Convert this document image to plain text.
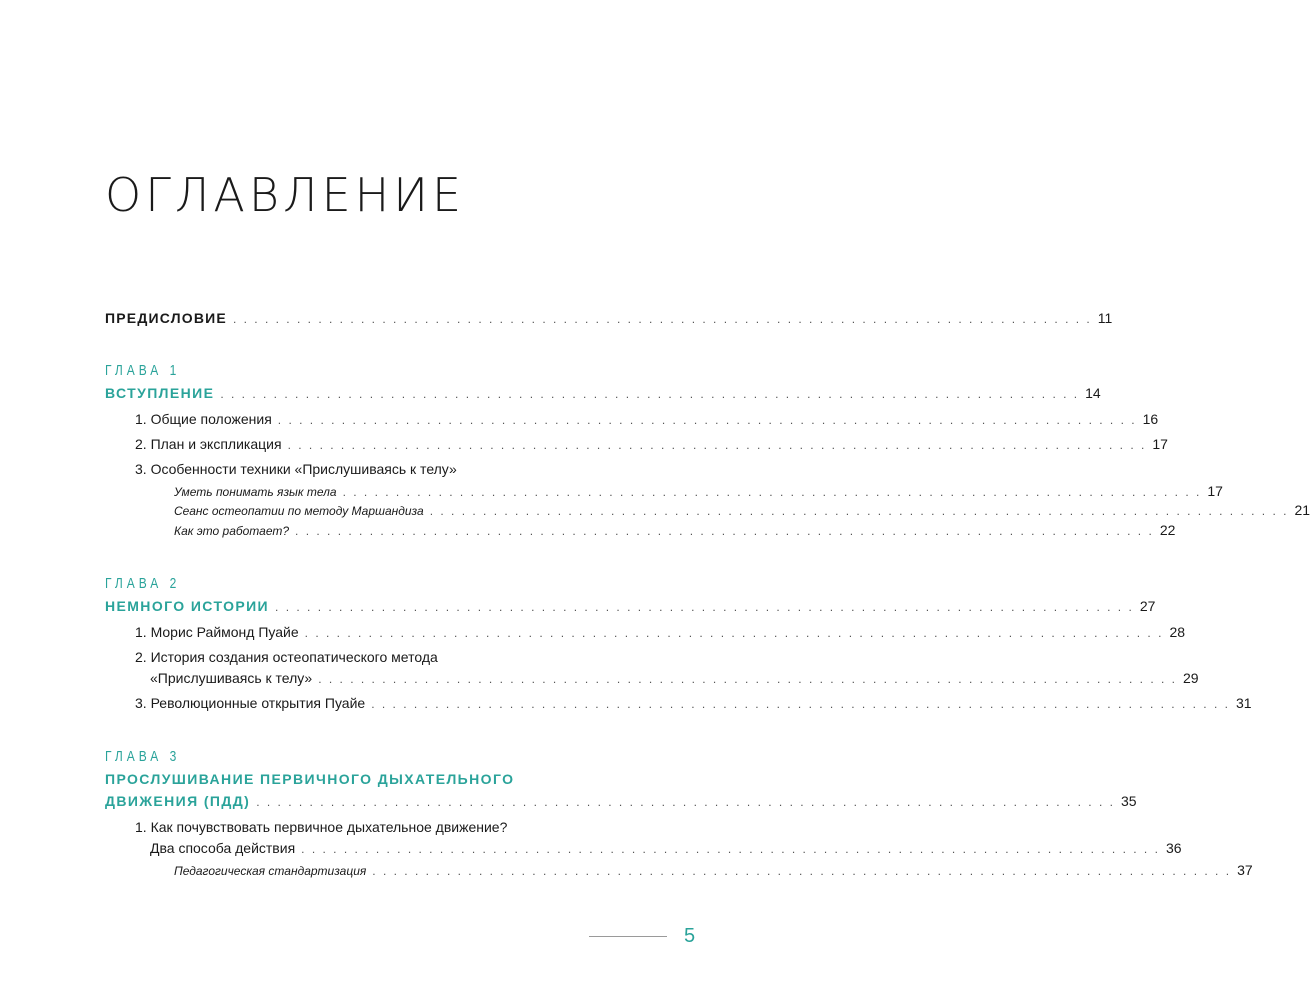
ОГЛАВЛЕНИЕ
ПРЕДИСЛОВИЕ . . . . . . . . . . . . . . . . . . . . . . . . . . . . . . . . . . . . . . . . . . . . . . . . . . . . . . . . . . . . . . . . . . . . . . . . . . . . . . . . . 11
ГЛАВА 1
ВСТУПЛЕНИЕ . . . . . . . . . . . . . . . . . . . . . . . . . . . . . . . . . . . . . . . . . . . . . . . . . . . . . . . . . . . . . . . . . . . . . . . . . . . . . . . . . 14
1. Общие положения . . . . . . . . . . . . . . . . . . . . . . . . . . . . . . . . . . . . . . . . . . . . . . . . . . . . . . . . . . . . . . . . . . . . . . . . . . . . . . . . . 16
2. План и экспликация . . . . . . . . . . . . . . . . . . . . . . . . . . . . . . . . . . . . . . . . . . . . . . . . . . . . . . . . . . . . . . . . . . . . . . . . . . . . . . . . . 17
3. Особенности техники «Прислушиваясь к телу»
Уметь понимать язык тела . . . . . . . . . . . . . . . . . . . . . . . . . . . . . . . . . . . . . . . . . . . . . . . . . . . . . . . . . . . . . . . . . . . . . . . . . . . . . . . . . 17
Сеанс остеопатии по методу Маршандиза . . . . . . . . . . . . . . . . . . . . . . . . . . . . . . . . . . . . . . . . . . . . . . . . . . . . . . . . . . . . . . . . . . . . . . . . . . . . . . . . . 21
Как это работает? . . . . . . . . . . . . . . . . . . . . . . . . . . . . . . . . . . . . . . . . . . . . . . . . . . . . . . . . . . . . . . . . . . . . . . . . . . . . . . . . . 22
ГЛАВА 2
НЕМНОГО ИСТОРИИ . . . . . . . . . . . . . . . . . . . . . . . . . . . . . . . . . . . . . . . . . . . . . . . . . . . . . . . . . . . . . . . . . . . . . . . . . . . . . . . . . 27
1. Морис Раймонд Пуайе . . . . . . . . . . . . . . . . . . . . . . . . . . . . . . . . . . . . . . . . . . . . . . . . . . . . . . . . . . . . . . . . . . . . . . . . . . . . . . . . . 28
2. История создания остеопатического метода
«Прислушиваясь к телу» . . . . . . . . . . . . . . . . . . . . . . . . . . . . . . . . . . . . . . . . . . . . . . . . . . . . . . . . . . . . . . . . . . . . . . . . . . . . . . . . . 29
3. Революционные открытия Пуайе . . . . . . . . . . . . . . . . . . . . . . . . . . . . . . . . . . . . . . . . . . . . . . . . . . . . . . . . . . . . . . . . . . . . . . . . . . . . . . . . . 31
ГЛАВА 3
ПРОСЛУШИВАНИЕ ПЕРВИЧНОГО ДЫХАТЕЛЬНОГО
ДВИЖЕНИЯ (ПДД) . . . . . . . . . . . . . . . . . . . . . . . . . . . . . . . . . . . . . . . . . . . . . . . . . . . . . . . . . . . . . . . . . . . . . . . . . . . . . . . . . 35
1. Как почувствовать первичное дыхательное движение?
Два способа действия . . . . . . . . . . . . . . . . . . . . . . . . . . . . . . . . . . . . . . . . . . . . . . . . . . . . . . . . . . . . . . . . . . . . . . . . . . . . . . . . . 36
Педагогическая стандартизация . . . . . . . . . . . . . . . . . . . . . . . . . . . . . . . . . . . . . . . . . . . . . . . . . . . . . . . . . . . . . . . . . . . . . . . . . . . . . . . . . 37
5
